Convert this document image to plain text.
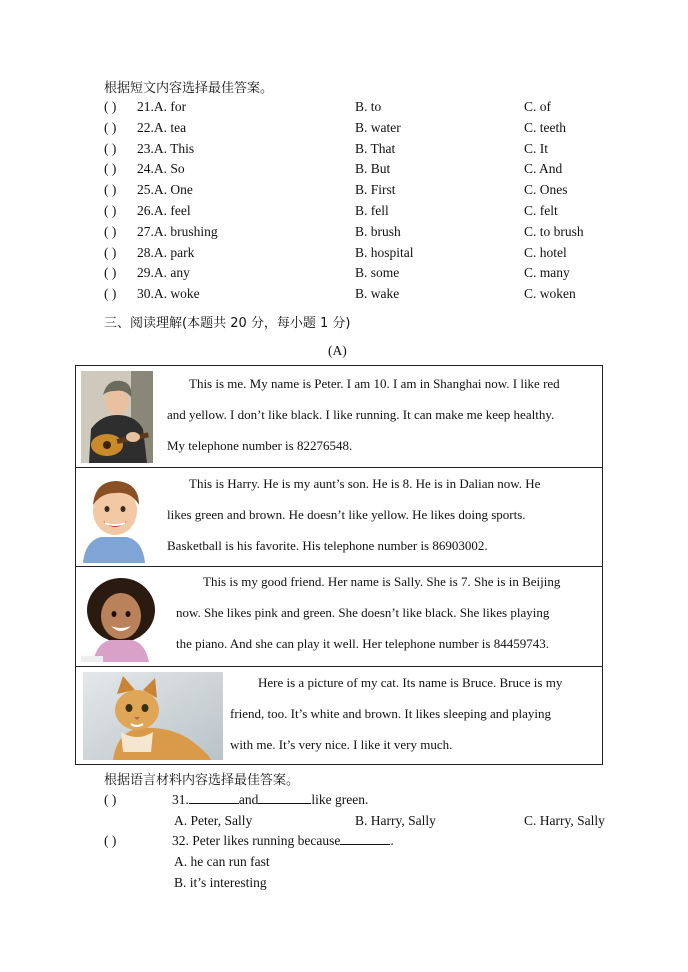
根据短文内容选择最佳答案。
( ) 21.A. for	B. to	C. of
( ) 22.A. tea	B. water	C. teeth
( ) 23.A. This	B. That	C. It
( ) 24.A. So	B. But	C. And
( ) 25.A. One	B. First	C. Ones
( ) 26.A. feel	B. fell	C. felt
( ) 27.A. brushing	B. brush	C. to brush
( ) 28.A. park	B. hospital	C. hotel
( ) 29.A. any	B. some	C. many
( ) 30.A. woke	B. wake	C. woken
三、阅读理解(本题共 20 分，每小题 1 分)
(A)
This is me. My name is Peter. I am 10. I am in Shanghai now. I like red
and yellow. I don’t like black. I like running. It can make me keep healthy.
My telephone number is 82276548.
This is Harry. He is my aunt’s son. He is 8. He is in Dalian now. He
likes green and brown. He doesn’t like yellow. He likes doing sports.
Basketball is his favorite. His telephone number is 86903002.
This is my good friend. Her name is Sally. She is 7. She is in Beijing
now. She likes pink and green. She doesn’t like black. She likes playing
the piano. And she can play it well. Her telephone number is 84459743.
Here is a picture of my cat. Its name is Bruce. Bruce is my
friend, too. It’s white and brown. It likes sleeping and playing
with me. It’s very nice. I like it very much.
根据语言材料内容选择最佳答案。
( )	31.	and	like green.
A. Peter, Sally	B. Harry, Sally	C. Harry, Sally
( )	32. Peter likes running because	.
A. he can run fast
B. it’s interesting
